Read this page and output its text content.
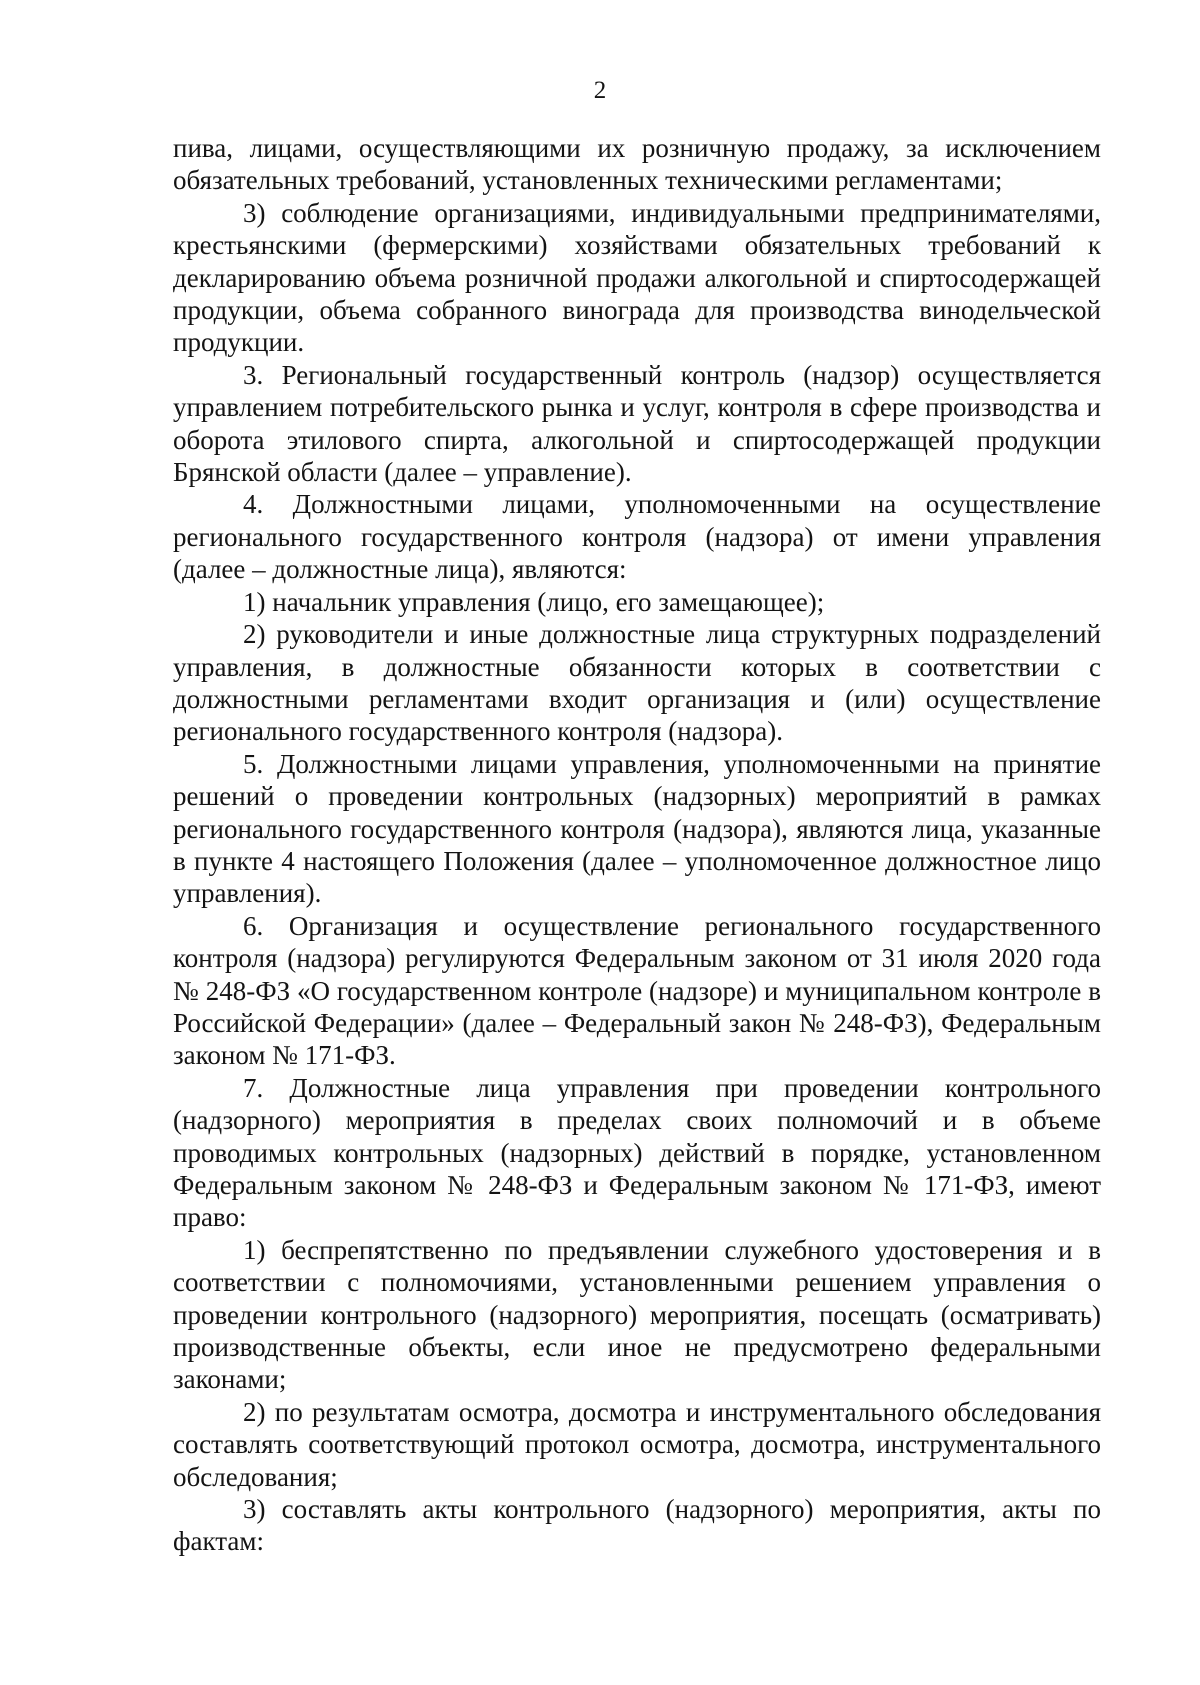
2

пива, лицами, осуществляющими их розничную продажу, за исключением обязательных требований, установленных техническими регламентами;

3) соблюдение организациями, индивидуальными предпринимателями, крестьянскими (фермерскими) хозяйствами обязательных требований к декларированию объема розничной продажи алкогольной и спиртосодержащей продукции, объема собранного винограда для производства винодельческой продукции.

3. Региональный государственный контроль (надзор) осуществляется управлением потребительского рынка и услуг, контроля в сфере производства и оборота этилового спирта, алкогольной и спиртосодержащей продукции Брянской области (далее – управление).

4. Должностными лицами, уполномоченными на осуществление регионального государственного контроля (надзора) от имени управления (далее – должностные лица), являются:

1) начальник управления (лицо, его замещающее);

2) руководители и иные должностные лица структурных подразделений управления, в должностные обязанности которых в соответствии с должностными регламентами входит организация и (или) осуществление регионального государственного контроля (надзора).

5. Должностными лицами управления, уполномоченными на принятие решений о проведении контрольных (надзорных) мероприятий в рамках регионального государственного контроля (надзора), являются лица, указанные в пункте 4 настоящего Положения (далее – уполномоченное должностное лицо управления).

6. Организация и осуществление регионального государственного контроля (надзора) регулируются Федеральным законом от 31 июля 2020 года № 248-ФЗ «О государственном контроле (надзоре) и муниципальном контроле в Российской Федерации» (далее – Федеральный закон № 248-ФЗ), Федеральным законом № 171-ФЗ.

7. Должностные лица управления при проведении контрольного (надзорного) мероприятия в пределах своих полномочий и в объеме проводимых контрольных (надзорных) действий в порядке, установленном Федеральным законом № 248-ФЗ и Федеральным законом № 171-ФЗ, имеют право:

1) беспрепятственно по предъявлении служебного удостоверения и в соответствии с полномочиями, установленными решением управления о проведении контрольного (надзорного) мероприятия, посещать (осматривать) производственные объекты, если иное не предусмотрено федеральными законами;

2) по результатам осмотра, досмотра и инструментального обследования составлять соответствующий протокол осмотра, досмотра, инструментального обследования;

3) составлять акты контрольного (надзорного) мероприятия, акты по фактам:
